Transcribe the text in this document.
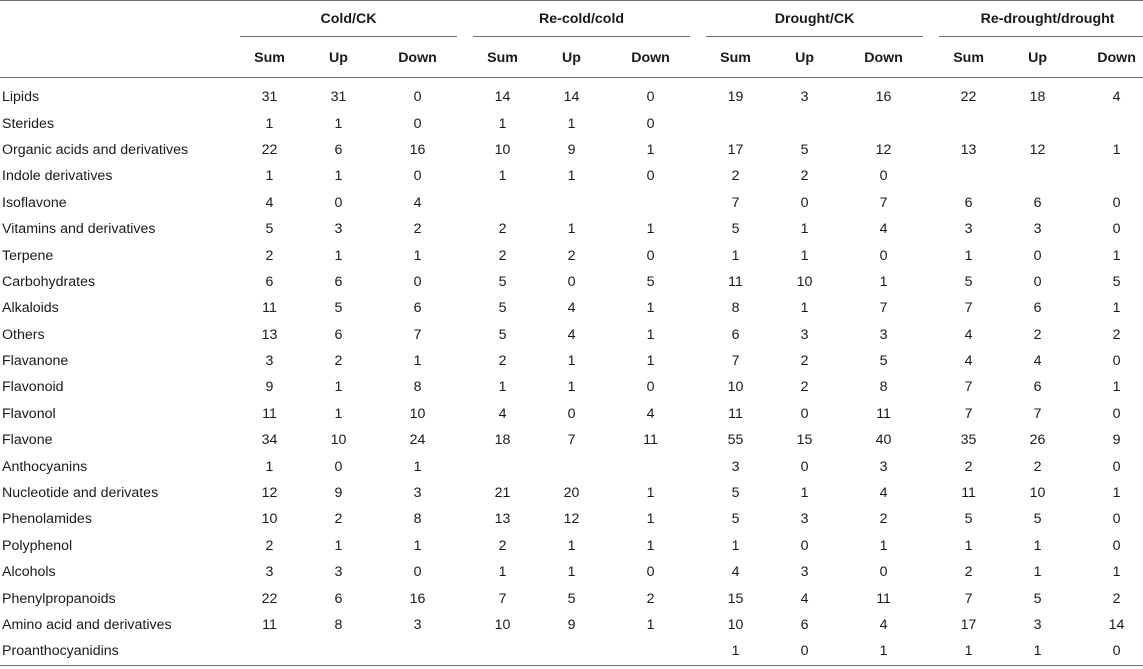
	Cold/CK			Re-cold/cold			Drought/CK			Re-drought/drought		

	Sum	Up	Down	Sum	Up	Down	Sum	Up	Down	Sum	Up	Down
Lipids	31	31	0	14	14	0	19	3	16	22	18	4
Sterides	1	1	0	1	1	0						
Organic acids and derivatives	22	6	16	10	9	1	17	5	12	13	12	1
Indole derivatives	1	1	0	1	1	0	2	2	0			
Isoflavone	4	0	4				7	0	7	6	6	0
Vitamins and derivatives	5	3	2	2	1	1	5	1	4	3	3	0
Terpene	2	1	1	2	2	0	1	1	0	1	0	1
Carbohydrates	6	6	0	5	0	5	11	10	1	5	0	5
Alkaloids	11	5	6	5	4	1	8	1	7	7	6	1
Others	13	6	7	5	4	1	6	3	3	4	2	2
Flavanone	3	2	1	2	1	1	7	2	5	4	4	0
Flavonoid	9	1	8	1	1	0	10	2	8	7	6	1
Flavonol	11	1	10	4	0	4	11	0	11	7	7	0
Flavone	34	10	24	18	7	11	55	15	40	35	26	9
Anthocyanins	1	0	1				3	0	3	2	2	0
Nucleotide and derivates	12	9	3	21	20	1	5	1	4	11	10	1
Phenolamides	10	2	8	13	12	1	5	3	2	5	5	0
Polyphenol	2	1	1	2	1	1	1	0	1	1	1	0
Alcohols	3	3	0	1	1	0	4	3	0	2	1	1
Phenylpropanoids	22	6	16	7	5	2	15	4	11	7	5	2
Amino acid and derivatives	11	8	3	10	9	1	10	6	4	17	3	14
Proanthocyanidins							1	0	1	1	1	0
